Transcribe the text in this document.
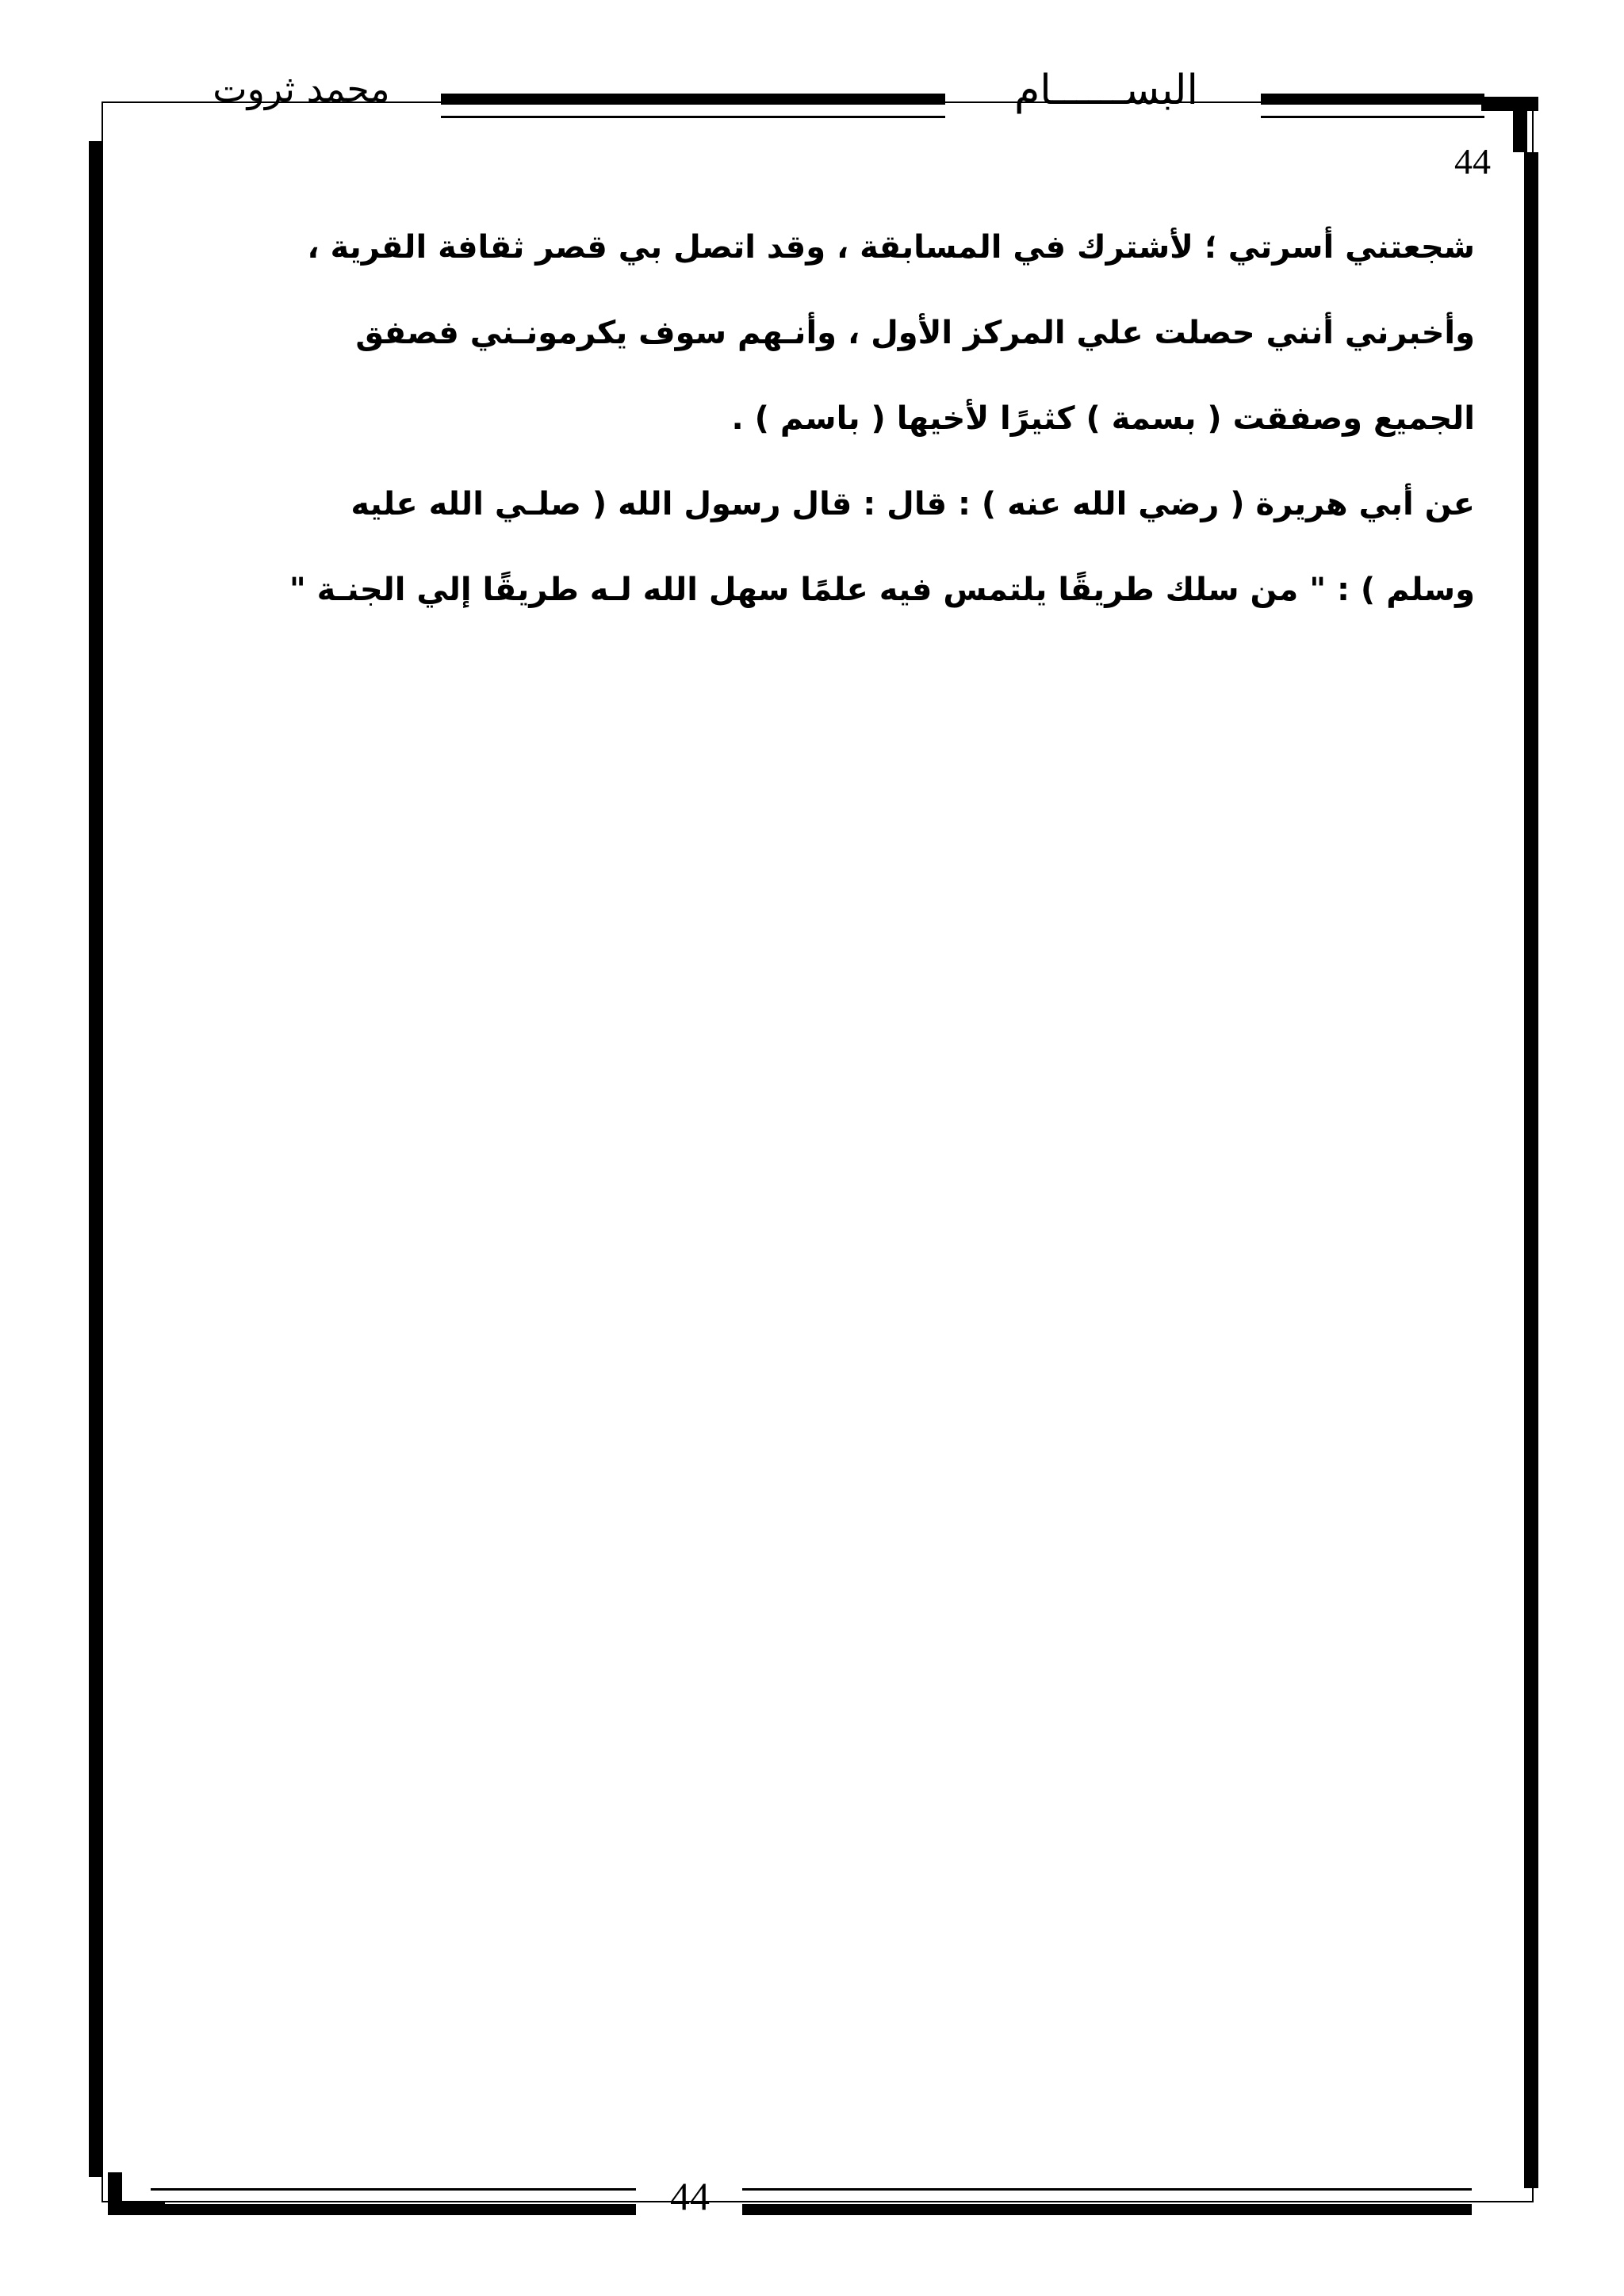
البســــــام
محمد ثروت
44
شجعتني أسرتي ؛ لأشترك في المسابقة ، وقد اتصل بي قصر ثقافة القرية ،
وأخبرني أنني حصلت علي المركز الأول ، وأنـهم سوف يكرمونـني فصفق
الجميع وصفقت ( بسمة ) كثيرًا لأخيها ( باسم ) .
عن أبي هريرة ( رضي الله عنه ) : قال : قال رسول الله ( صلـي الله عليه
وسلم ) : " من سلك طريقًا يلتمس فيه علمًا سهل الله لـه طريقًا إلي الجنـة "
44
